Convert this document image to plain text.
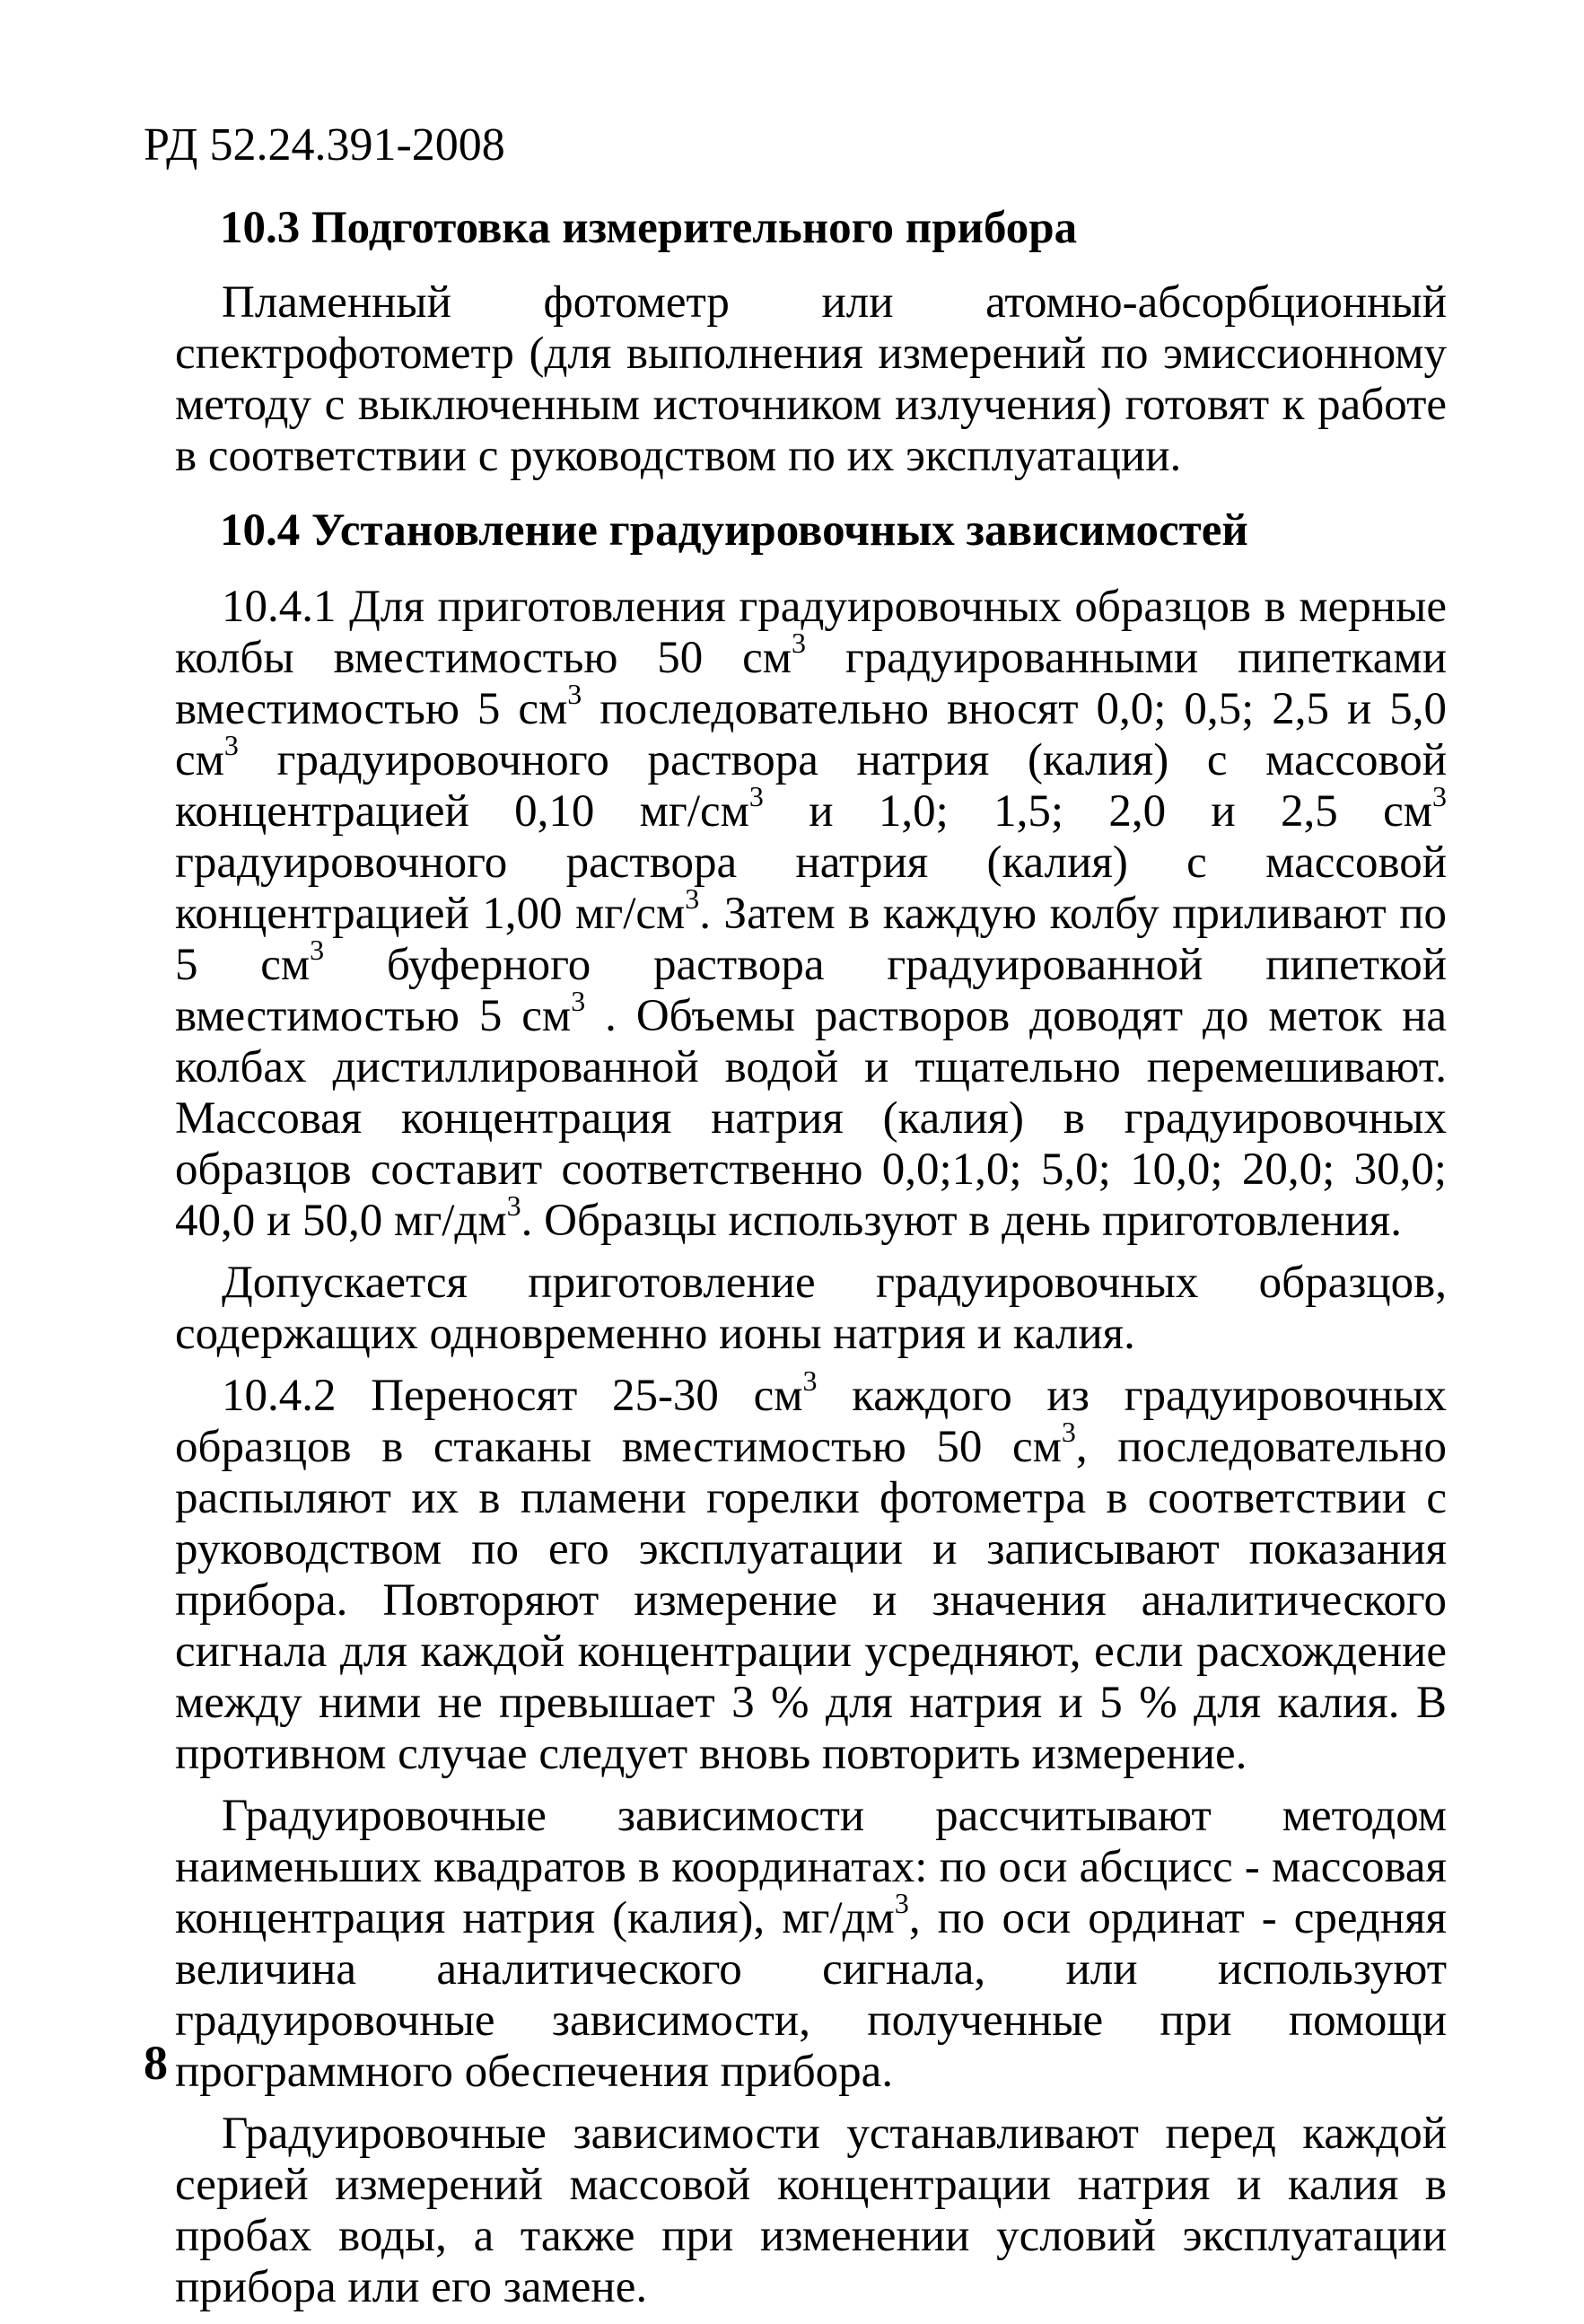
РД 52.24.391-2008

10.3 Подготовка измерительного прибора

Пламенный фотометр или атомно-абсорбционный спектрофотометр (для выполнения измерений по эмиссионному методу с выключенным источником излучения) готовят к работе в соответствии с руководством по их эксплуатации.

10.4 Установление градуировочных зависимостей

10.4.1 Для приготовления градуировочных образцов в мерные колбы вместимостью 50 $см^3$ градуированными пипетками вместимостью 5 $см^3$ последовательно вносят 0,0; 0,5; 2,5 и 5,0 $см^3$ градуировочного раствора натрия (калия) с массовой концентрацией 0,10 $мг/см^3$ и 1,0; 1,5; 2,0 и 2,5 $см^3$ градуировочного раствора натрия (калия) с массовой концентрацией 1,00 $мг/см^3$. Затем в каждую колбу приливают по 5 $см^3$ буферного раствора градуированной пипеткой вместимостью 5 $см^3$ . Объемы растворов доводят до меток на колбах дистиллированной водой и тщательно перемешивают. Массовая концентрация натрия (калия) в градуировочных образцов составит соответственно 0,0;1,0; 5,0; 10,0; 20,0; 30,0; 40,0 и 50,0 $мг/дм^3$. Образцы используют в день приготовления.

Допускается приготовление градуировочных образцов, содержащих одновременно ионы натрия и калия.

10.4.2 Переносят 25-30 $см^3$ каждого из градуировочных образцов в стаканы вместимостью 50 $см^3$, последовательно распыляют их в пламени горелки фотометра в соответствии с руководством по его эксплуатации и записывают показания прибора. Повторяют измерение и значения аналитического сигнала для каждой концентрации усредняют, если расхождение между ними не превышает 3 % для натрия и 5 % для калия. В противном случае следует вновь повторить измерение.

Градуировочные зависимости рассчитывают методом наименьших квадратов в координатах: по оси абсцисс - массовая концентрация натрия (калия), $мг/дм^3$, по оси ординат - средняя величина аналитического сигнала, или используют градуировочные зависимости, полученные при помощи программного обеспечения прибора.

Градуировочные зависимости устанавливают перед каждой серией измерений массовой концентрации натрия и калия в пробах воды, а также при изменении условий эксплуатации прибора или его замене.

8
